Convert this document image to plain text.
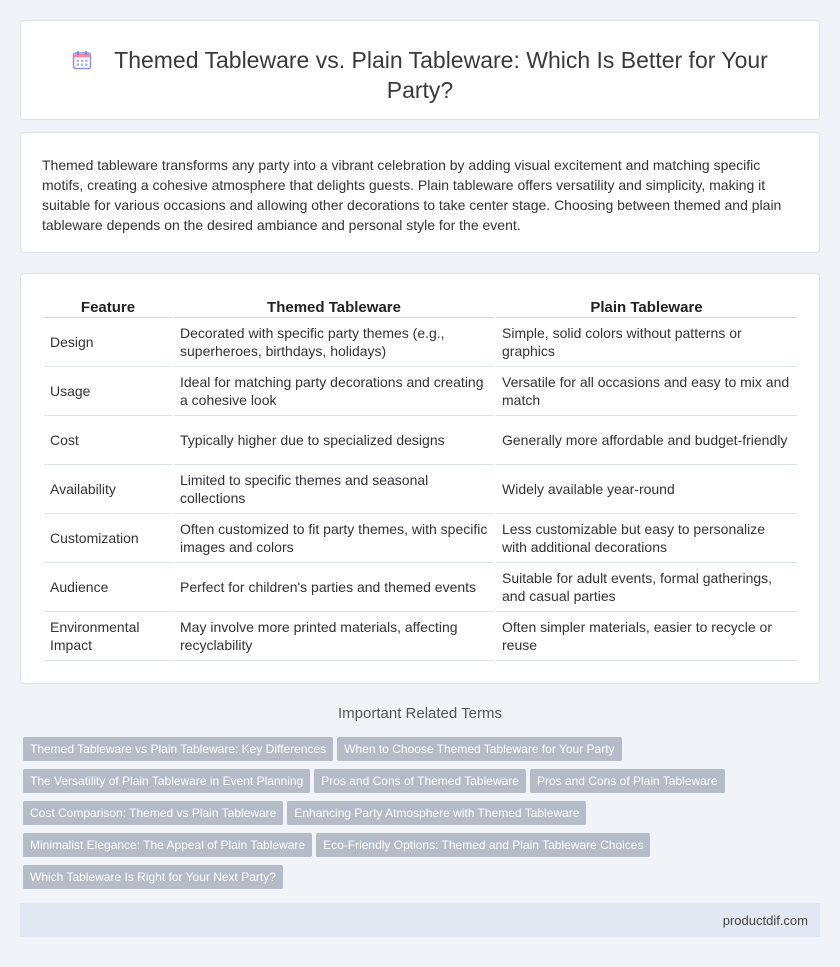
Themed Tableware vs. Plain Tableware: Which Is Better for Your
Party?

Themed tableware transforms any party into a vibrant celebration by adding visual excitement and matching specific motifs, creating a cohesive atmosphere that delights guests. Plain tableware offers versatility and simplicity, making it suitable for various occasions and allowing other decorations to take center stage. Choosing between themed and plain tableware depends on the desired ambiance and personal style for the event.

Feature	Themed Tableware	Plain Tableware
Design	Decorated with specific party themes (e.g., superheroes, birthdays, holidays)	Simple, solid colors without patterns or graphics
Usage	Ideal for matching party decorations and creating a cohesive look	Versatile for all occasions and easy to mix and match
Cost	Typically higher due to specialized designs	Generally more affordable and budget-friendly
Availability	Limited to specific themes and seasonal collections	Widely available year-round
Customization	Often customized to fit party themes, with specific images and colors	Less customizable but easy to personalize with additional decorations
Audience	Perfect for children's parties and themed events	Suitable for adult events, formal gatherings, and casual parties
Environmental Impact	May involve more printed materials, affecting recyclability	Often simpler materials, easier to recycle or reuse
Important Related Terms
Themed Tableware vs Plain Tableware: Key Differences When to Choose Themed Tableware for Your Party
The Versatility of Plain Tableware in Event Planning Pros and Cons of Themed Tableware Pros and Cons of Plain Tableware
Cost Comparison: Themed vs Plain Tableware Enhancing Party Atmosphere with Themed Tableware
Minimalist Elegance: The Appeal of Plain Tableware Eco-Friendly Options: Themed and Plain Tableware Choices
Which Tableware Is Right for Your Next Party?
productdif.com
